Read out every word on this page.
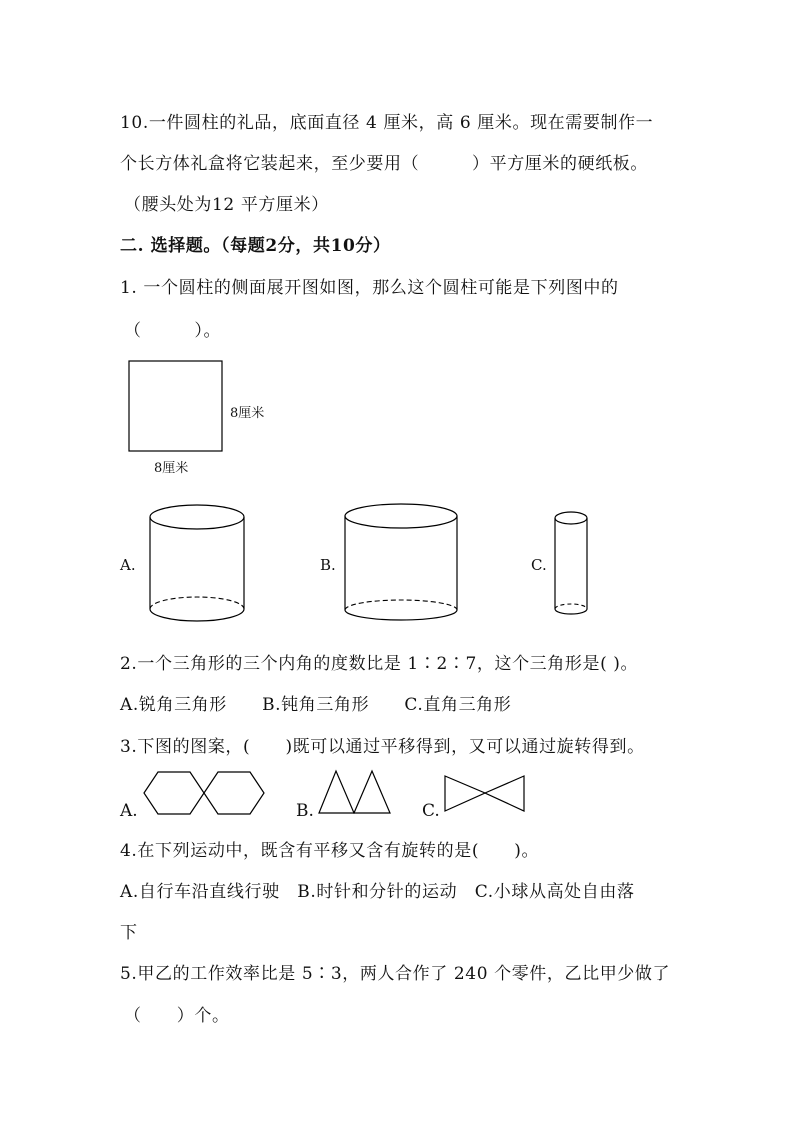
10.一件圆柱的礼品，底面直径 4 厘米，高 6 厘米。现在需要制作一
个长方体礼盒将它装起来，至少要用（　　　）平方厘米的硬纸板。
（腰头处为12 平方厘米）
二. 选择题。（每题2分，共10分）
1. 一个圆柱的侧面展开图如图，那么这个圆柱可能是下列图中的
（　　　）。
8厘米
8厘米
A.	B.	C.
2.一个三角形的三个内角的度数比是 1∶2∶7，这个三角形是( )。
A.锐角三角形　　B.钝角三角形　　C.直角三角形
3.下图的图案，(　　)既可以通过平移得到，又可以通过旋转得到。
A.	B.	C.
4.在下列运动中，既含有平移又含有旋转的是(　　)。
A.自行车沿直线行驶　B.时针和分针的运动　C.小球从高处自由落
下
5.甲乙的工作效率比是 5∶3，两人合作了 240 个零件，乙比甲少做了
（　　）个。
